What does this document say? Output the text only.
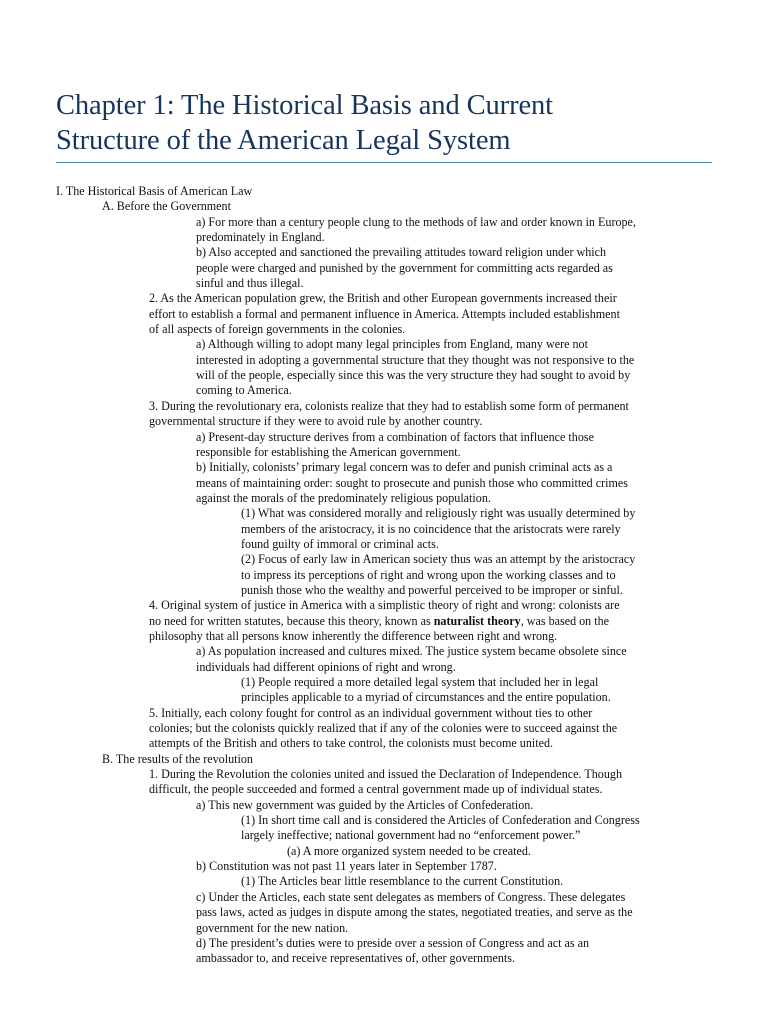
Chapter 1: The Historical Basis and Current
Structure of the American Legal System
I. The Historical Basis of American Law
A. Before the Government
a) For more than a century people clung to the methods of law and order known in Europe,
predominately in England.
b) Also accepted and sanctioned the prevailing attitudes toward religion under which
people were charged and punished by the government for committing acts regarded as
sinful and thus illegal.
2. As the American population grew, the British and other European governments increased their
effort to establish a formal and permanent influence in America. Attempts included establishment
of all aspects of foreign governments in the colonies.
a) Although willing to adopt many legal principles from England, many were not
interested in adopting a governmental structure that they thought was not responsive to the
will of the people, especially since this was the very structure they had sought to avoid by
coming to America.
3. During the revolutionary era, colonists realize that they had to establish some form of permanent
governmental structure if they were to avoid rule by another country.
a) Present-day structure derives from a combination of factors that influence those
responsible for establishing the American government.
b) Initially, colonists’ primary legal concern was to defer and punish criminal acts as a
means of maintaining order: sought to prosecute and punish those who committed crimes
against the morals of the predominately religious population.
(1) What was considered morally and religiously right was usually determined by
members of the aristocracy, it is no coincidence that the aristocrats were rarely
found guilty of immoral or criminal acts.
(2) Focus of early law in American society thus was an attempt by the aristocracy
to impress its perceptions of right and wrong upon the working classes and to
punish those who the wealthy and powerful perceived to be improper or sinful.
4. Original system of justice in America with a simplistic theory of right and wrong: colonists are
no need for written statutes, because this theory, known as naturalist theory, was based on the
philosophy that all persons know inherently the difference between right and wrong.
a) As population increased and cultures mixed. The justice system became obsolete since
individuals had different opinions of right and wrong.
(1) People required a more detailed legal system that included her in legal
principles applicable to a myriad of circumstances and the entire population.
5. Initially, each colony fought for control as an individual government without ties to other
colonies; but the colonists quickly realized that if any of the colonies were to succeed against the
attempts of the British and others to take control, the colonists must become united.
B. The results of the revolution
1. During the Revolution the colonies united and issued the Declaration of Independence. Though
difficult, the people succeeded and formed a central government made up of individual states.
a) This new government was guided by the Articles of Confederation.
(1) In short time call and is considered the Articles of Confederation and Congress
largely ineffective; national government had no “enforcement power.”
(a) A more organized system needed to be created.
b) Constitution was not past 11 years later in September 1787.
(1) The Articles bear little resemblance to the current Constitution.
c) Under the Articles, each state sent delegates as members of Congress. These delegates
pass laws, acted as judges in dispute among the states, negotiated treaties, and serve as the
government for the new nation.
d) The president’s duties were to preside over a session of Congress and act as an
ambassador to, and receive representatives of, other governments.
